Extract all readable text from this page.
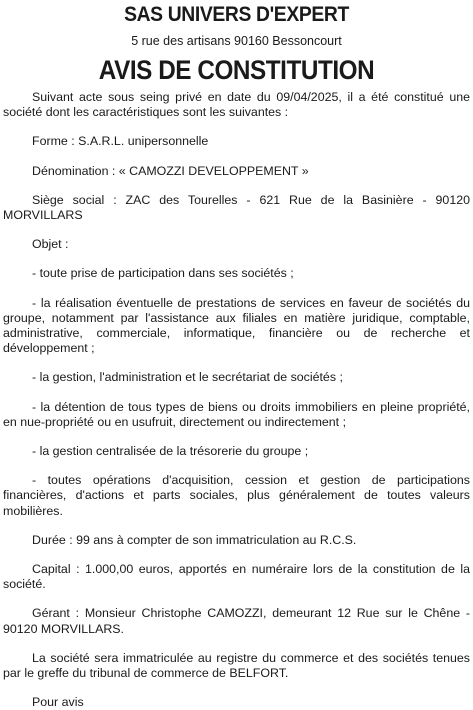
SAS UNIVERS D'EXPERT
5 rue des artisans 90160 Bessoncourt
AVIS DE CONSTITUTION

Suivant acte sous seing privé en date du 09/04/2025, il a été constitué une société dont les caractéristiques sont les suivantes :

Forme : S.A.R.L. unipersonnelle

Dénomination : « CAMOZZI DEVELOPPEMENT »

Siège social : ZAC des Tourelles - 621 Rue de la Basinière - 90120 MORVILLARS

Objet :

- toute prise de participation dans ses sociétés ;

- la réalisation éventuelle de prestations de services en faveur de sociétés du groupe, notamment par l'assistance aux filiales en matière juridique, comptable, administrative, commerciale, informatique, financière ou de recherche et développement ;

- la gestion, l'administration et le secrétariat de sociétés ;

- la détention de tous types de biens ou droits immobiliers en pleine propriété, en nue-propriété ou en usufruit, directement ou indirectement ;

- la gestion centralisée de la trésorerie du groupe ;

- toutes opérations d'acquisition, cession et gestion de participations financières, d'actions et parts sociales, plus généralement de toutes valeurs mobilières.

Durée : 99 ans à compter de son immatriculation au R.C.S.

Capital : 1.000,00 euros, apportés en numéraire lors de la constitution de la société.

Gérant : Monsieur Christophe CAMOZZI, demeurant 12 Rue sur le Chêne - 90120 MORVILLARS.

La société sera immatriculée au registre du commerce et des sociétés tenues par le greffe du tribunal de commerce de BELFORT.

Pour avis
